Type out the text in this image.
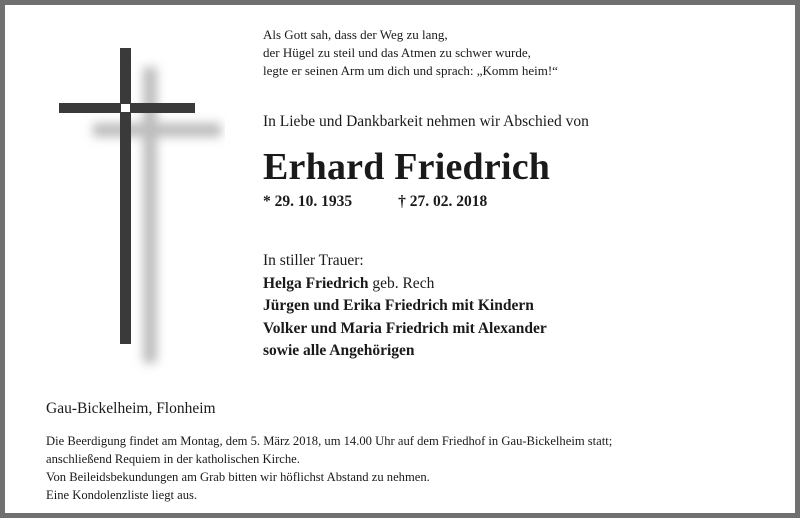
Als Gott sah, dass der Weg zu lang,
der Hügel zu steil und das Atmen zu schwer wurde,
legte er seinen Arm um dich und sprach: „Komm heim!“
In Liebe und Dankbarkeit nehmen wir Abschied von
Erhard Friedrich
* 29. 10. 1935	† 27. 02. 2018
In stiller Trauer:
Helga Friedrich geb. Rech
Jürgen und Erika Friedrich mit Kindern
Volker und Maria Friedrich mit Alexander
sowie alle Angehörigen
Gau-Bickelheim, Flonheim
Die Beerdigung findet am Montag, dem 5. März 2018, um 14.00 Uhr auf dem Friedhof in Gau-Bickelheim statt;
anschließend Requiem in der katholischen Kirche.
Von Beileidsbekundungen am Grab bitten wir höflichst Abstand zu nehmen.
Eine Kondolenzliste liegt aus.
